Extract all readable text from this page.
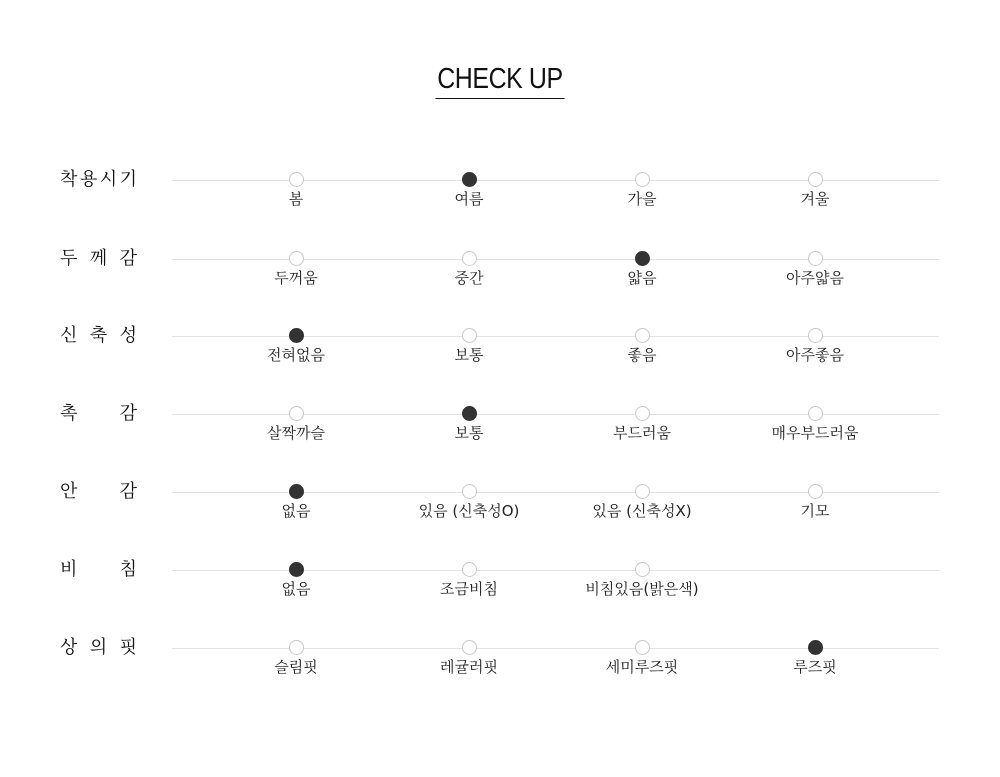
CHECK UP
착 용 시 기
봄	여름	가을	겨울
두 께 감
두꺼움	중간	얇음	아주얇음
신 축 성
전혀없음	보통	좋음	아주좋음
촉 감
살짝까슬	보통	부드러움	매우부드러움
안 감
없음	있음 (신축성O)	있음 (신축성X)	기모
비 침
없음	조금비침	비침있음(밝은색)
상 의 핏
슬림핏	레귤러핏	세미루즈핏	루즈핏
